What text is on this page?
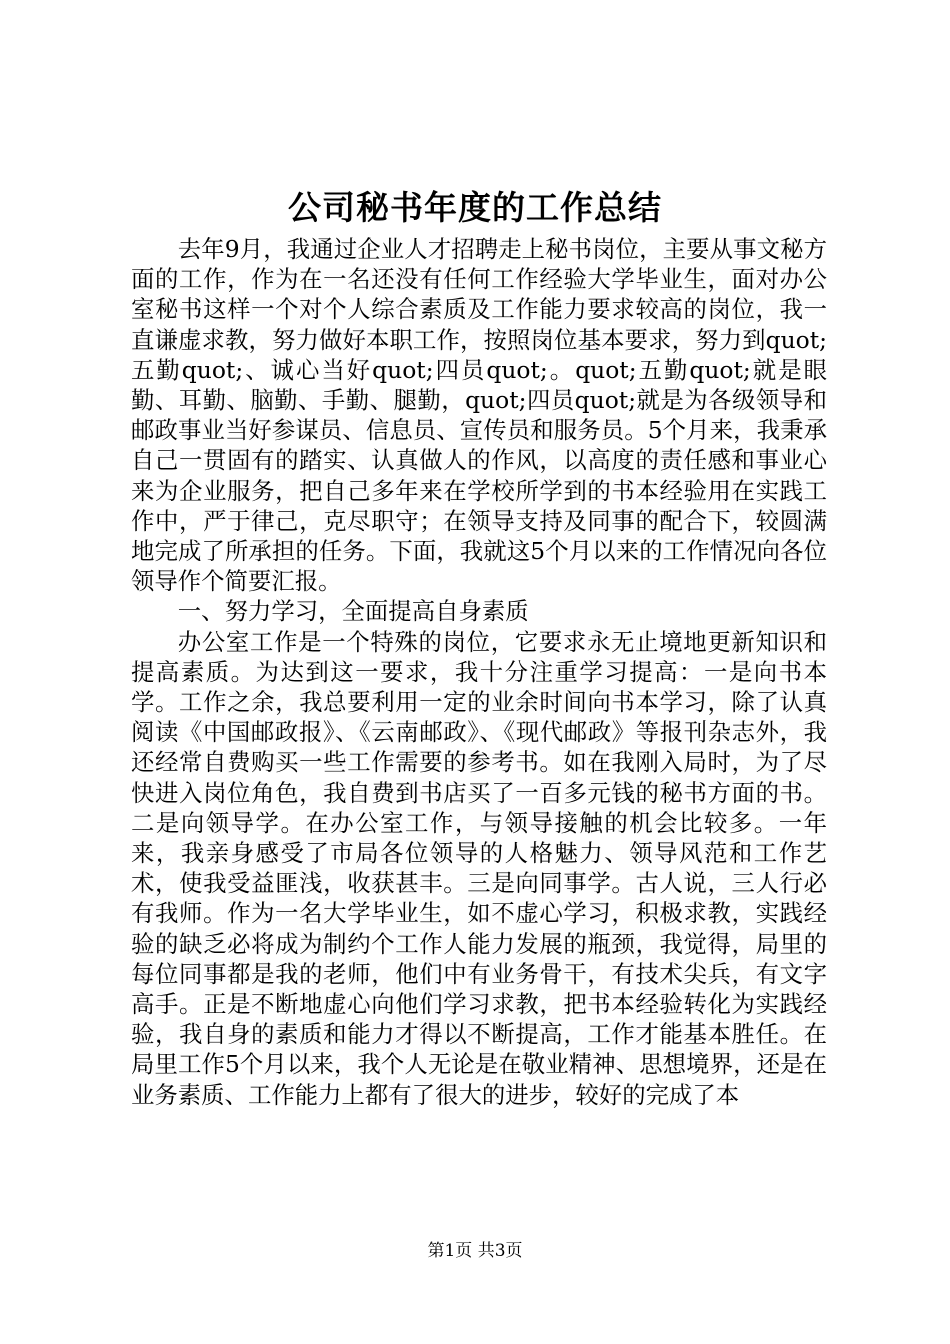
公司秘书年度的工作总结

去年9月，我通过企业人才招聘走上秘书岗位，主要从事文秘方面的工作，作为在一名还没有任何工作经验大学毕业生，面对办公室秘书这样一个对个人综合素质及工作能力要求较高的岗位，我一直谦虚求教，努力做好本职工作，按照岗位基本要求，努力到quot;五勤quot;、诚心当好quot;四员quot;。quot;五勤quot;就是眼勤、耳勤、脑勤、手勤、腿勤，quot;四员quot;就是为各级领导和邮政事业当好参谋员、信息员、宣传员和服务员。5个月来，我秉承自己一贯固有的踏实、认真做人的作风，以高度的责任感和事业心来为企业服务，把自己多年来在学校所学到的书本经验用在实践工作中，严于律己，克尽职守；在领导支持及同事的配合下，较圆满地完成了所承担的任务。下面，我就这5个月以来的工作情况向各位领导作个简要汇报。

一、努力学习，全面提高自身素质

办公室工作是一个特殊的岗位，它要求永无止境地更新知识和提高素质。为达到这一要求，我十分注重学习提高：一是向书本学。工作之余，我总要利用一定的业余时间向书本学习，除了认真阅读《中国邮政报》、《云南邮政》、《现代邮政》等报刊杂志外，我还经常自费购买一些工作需要的参考书。如在我刚入局时，为了尽快进入岗位角色，我自费到书店买了一百多元钱的秘书方面的书。二是向领导学。在办公室工作，与领导接触的机会比较多。一年来，我亲身感受了市局各位领导的人格魅力、领导风范和工作艺术，使我受益匪浅，收获甚丰。三是向同事学。古人说，三人行必有我师。作为一名大学毕业生，如不虚心学习，积极求教，实践经验的缺乏必将成为制约个工作人能力发展的瓶颈，我觉得，局里的每位同事都是我的老师，他们中有业务骨干，有技术尖兵，有文字高手。正是不断地虚心向他们学习求教，把书本经验转化为实践经验，我自身的素质和能力才得以不断提高，工作才能基本胜任。在局里工作5个月以来，我个人无论是在敬业精神、思想境界，还是在业务素质、工作能力上都有了很大的进步，较好的完成了本

第1页 共3页
